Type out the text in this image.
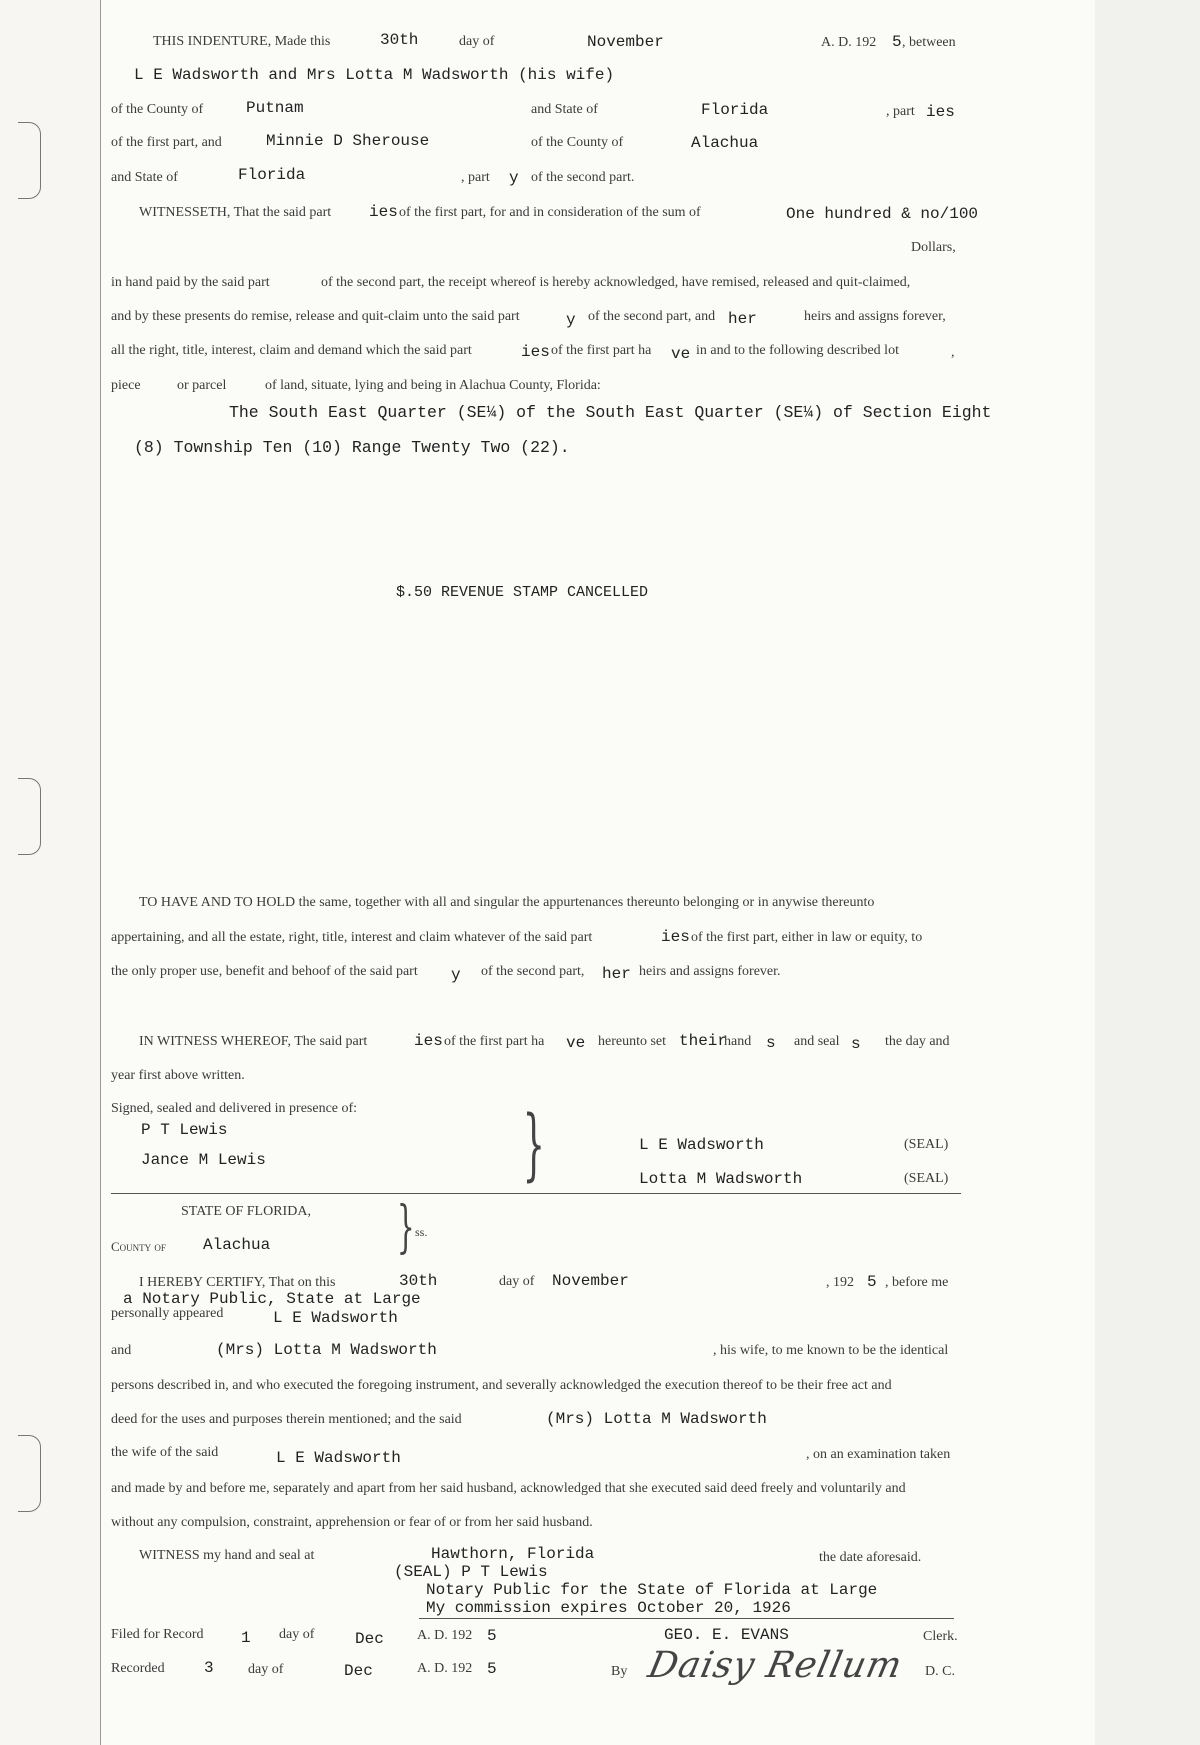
THIS INDENTURE, Made this	30th	day of	November	A. D. 192 5 , between
L E Wadsworth and Mrs Lotta M Wadsworth (his wife)
of the County of	Putnam	and State of	Florida	, part ies
of the first part, and	Minnie D Sherouse	of the County of	Alachua
and State of	Florida	, part y of the second part.
WITNESSETH, That the said part ies of the first part, for and in consideration of the sum of	One hundred & no/100
Dollars,
in hand paid by the said part	of the second part, the receipt whereof is hereby acknowledged, have remised, released and quit-claimed,
and by these presents do remise, release and quit-claim unto the said part	y of the second part, and her	heirs and assigns forever,
all the right, title, interest, claim and demand which the said part	ies of the first part ha ve in and to the following described lot	,
piece	or parcel	of land, situate, lying and being in Alachua County, Florida:
The South East Quarter (SE¼) of the South East Quarter (SE¼) of Section Eight
(8) Township Ten (10) Range Twenty Two (22).
$.50 REVENUE STAMP CANCELLED
TO HAVE AND TO HOLD the same, together with all and singular the appurtenances thereunto belonging or in anywise thereunto
appertaining, and all the estate, right, title, interest and claim whatever of the said part	ies of the first part, either in law or equity, to
the only proper use, benefit and behoof of the said part y of the second part, her heirs and assigns forever.
IN WITNESS WHEREOF, The said part	ies of the first part ha ve hereunto set their
hand s and seal s the day and
year first above written.
Signed, sealed and delivered in presence of:
P T Lewis
Jance M Lewis	}	L E Wadsworth	(SEAL)
Lotta M Wadsworth	(SEAL)
STATE OF FLORIDA,
County of Alachua } ss.
I HEREBY CERTIFY, That on this	30th	day of November	, 192 5 , before me
a Notary Public, State at Large
personally appeared	L E Wadsworth
and	(Mrs) Lotta M Wadsworth	, his wife, to me known to be the identical
persons described in, and who executed the foregoing instrument, and severally acknowledged the execution thereof to be their free act and
deed for the uses and purposes therein mentioned; and the said	(Mrs) Lotta M Wadsworth
the wife of the said	L E Wadsworth	, on an examination taken
and made by and before me, separately and apart from her said husband, acknowledged that she executed said deed freely and voluntarily and
without any compulsion, constraint, apprehension or fear of or from her said husband.
WITNESS my hand and seal at	Hawthorn, Florida	the date aforesaid.
(SEAL) P T Lewis
Notary Public for the State of Florida at Large
My commission expires October 20, 1926
Filed for Record 1 day of	Dec A. D. 192 5	GEO. E. EVANS	Clerk.
Recorded 3 day of	Dec	A. D. 192 5	By Daisy Rellum D. C.
